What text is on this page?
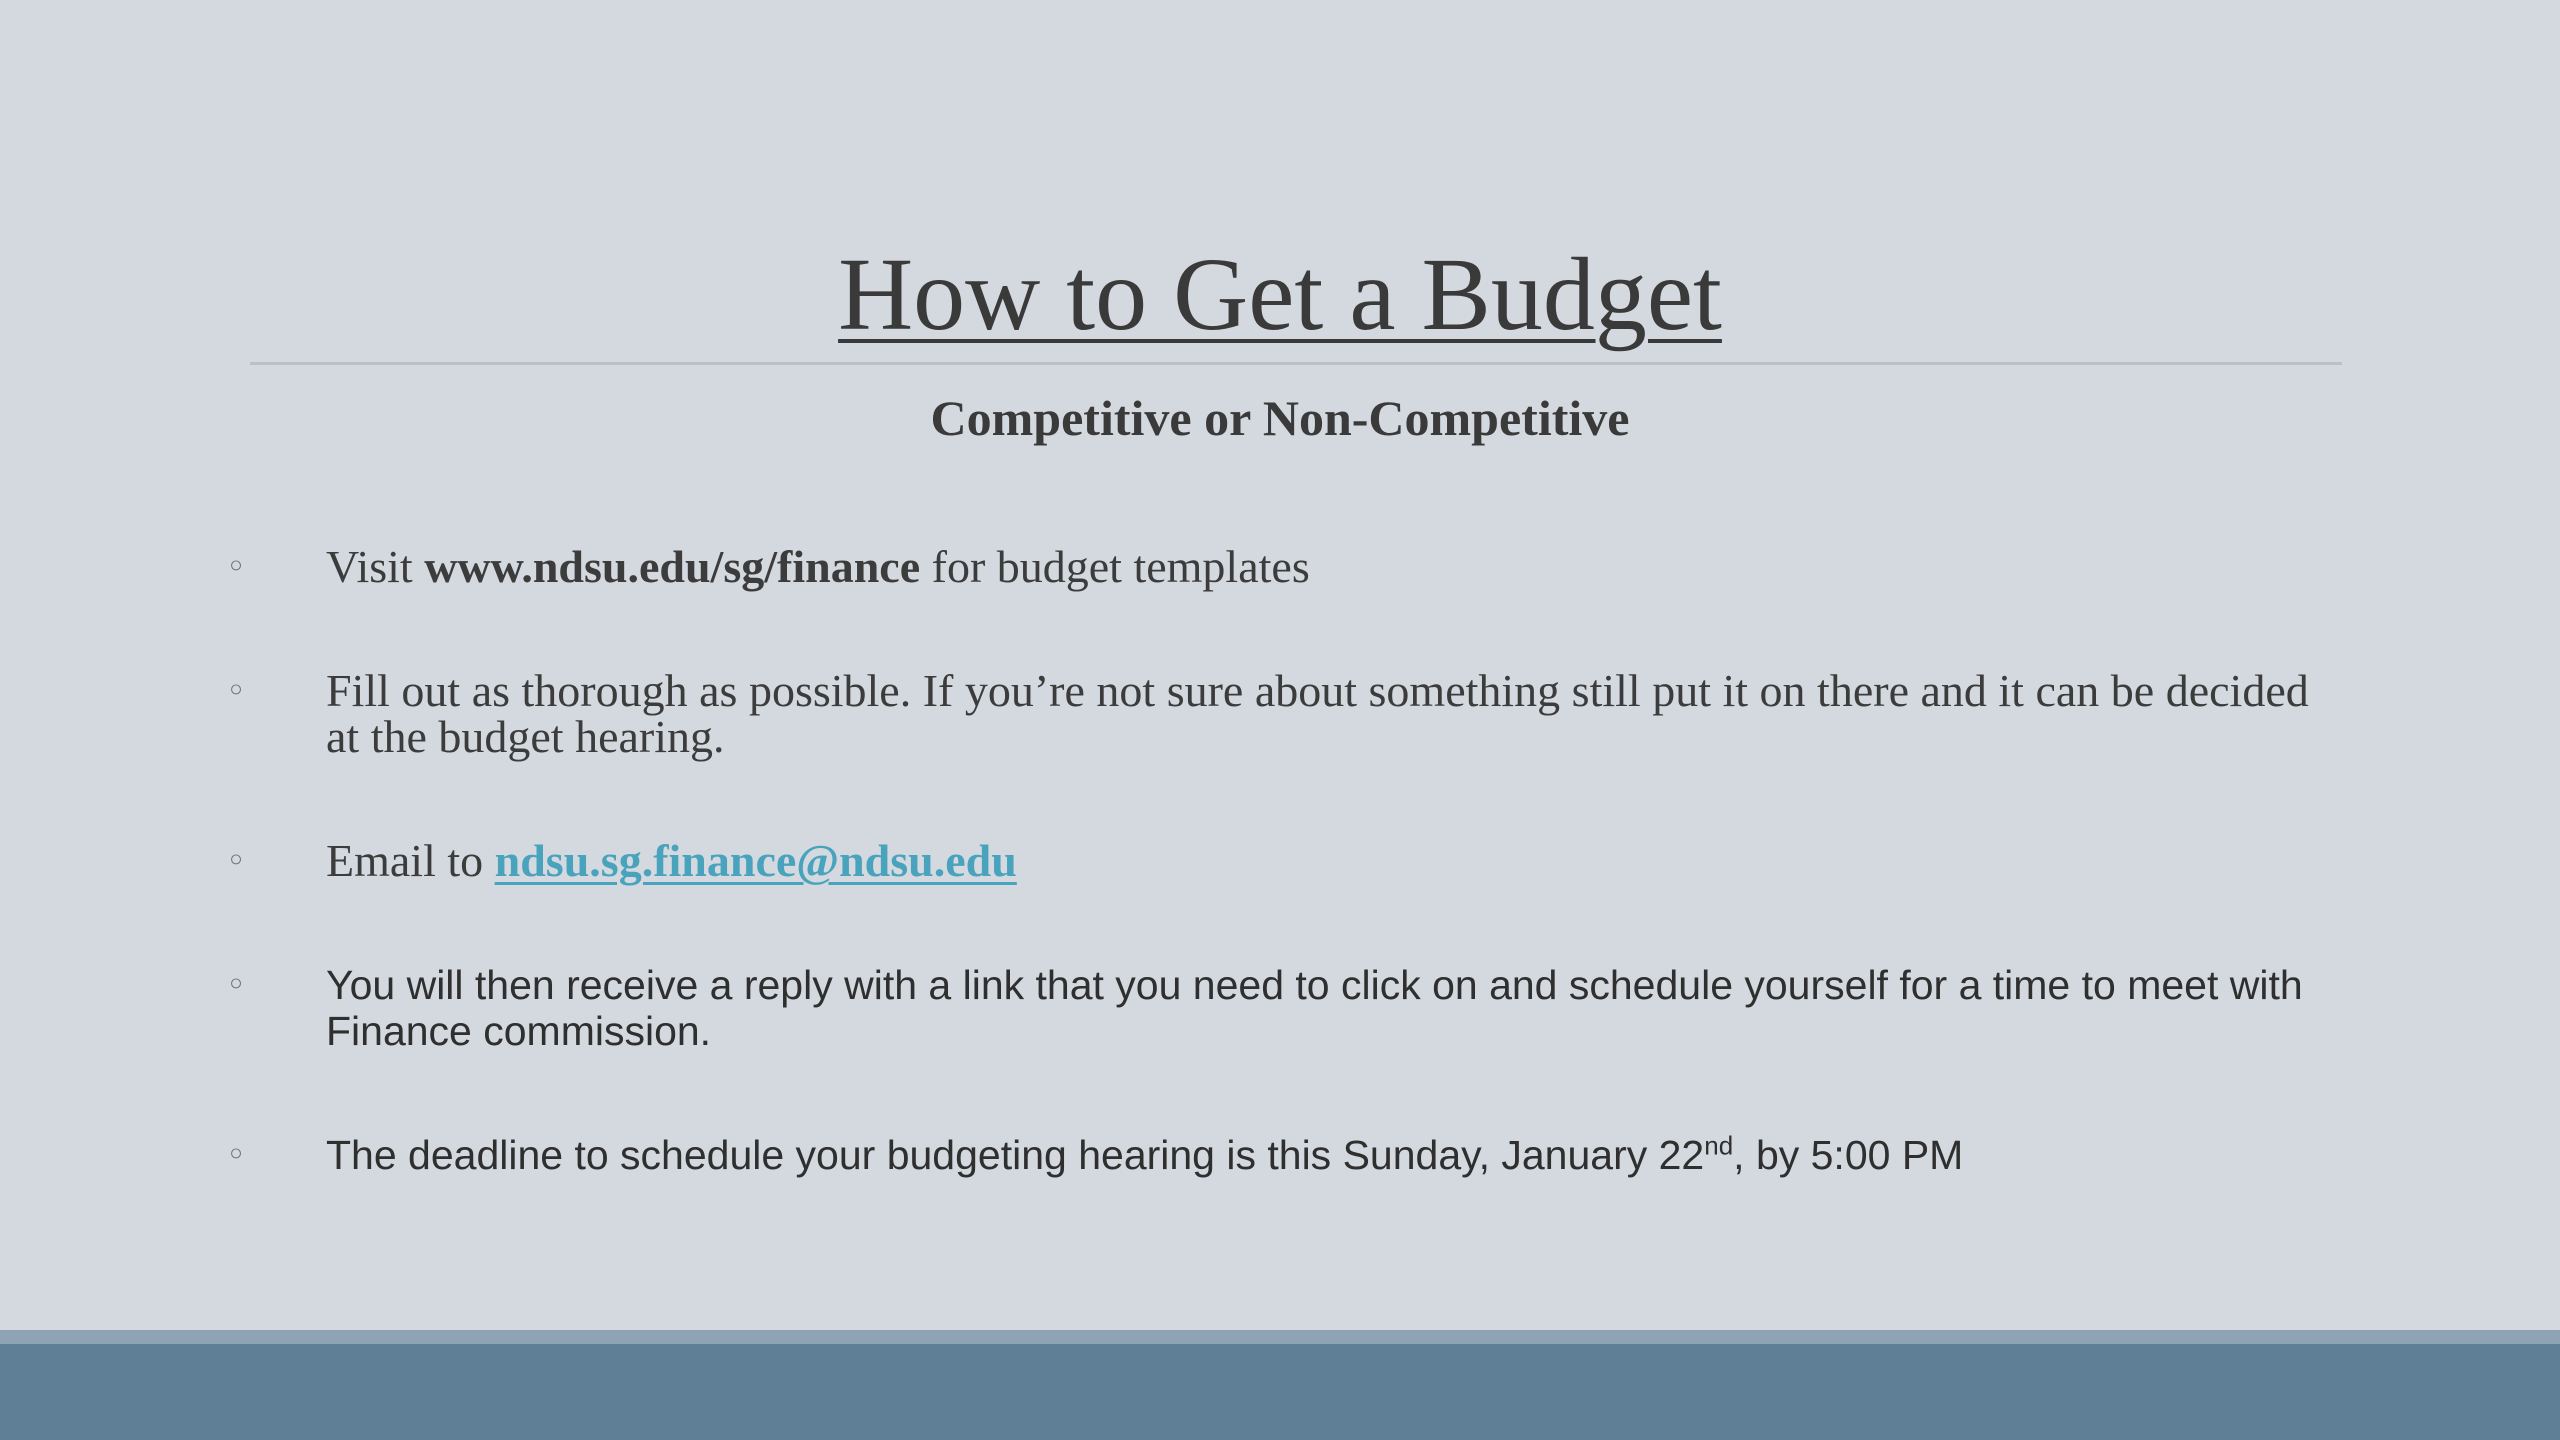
How to Get a Budget
Competitive or Non-Competitive
◦ Visit www.ndsu.edu/sg/finance for budget templates
◦ Fill out as thorough as possible. If you’re not sure about something still put it on there and it can be decided at the budget hearing.
◦ Email to ndsu.sg.finance@ndsu.edu
◦ You will then receive a reply with a link that you need to click on and schedule yourself for a time to meet with Finance commission.
◦ The deadline to schedule your budgeting hearing is this Sunday, January 22nd, by 5:00 PM
